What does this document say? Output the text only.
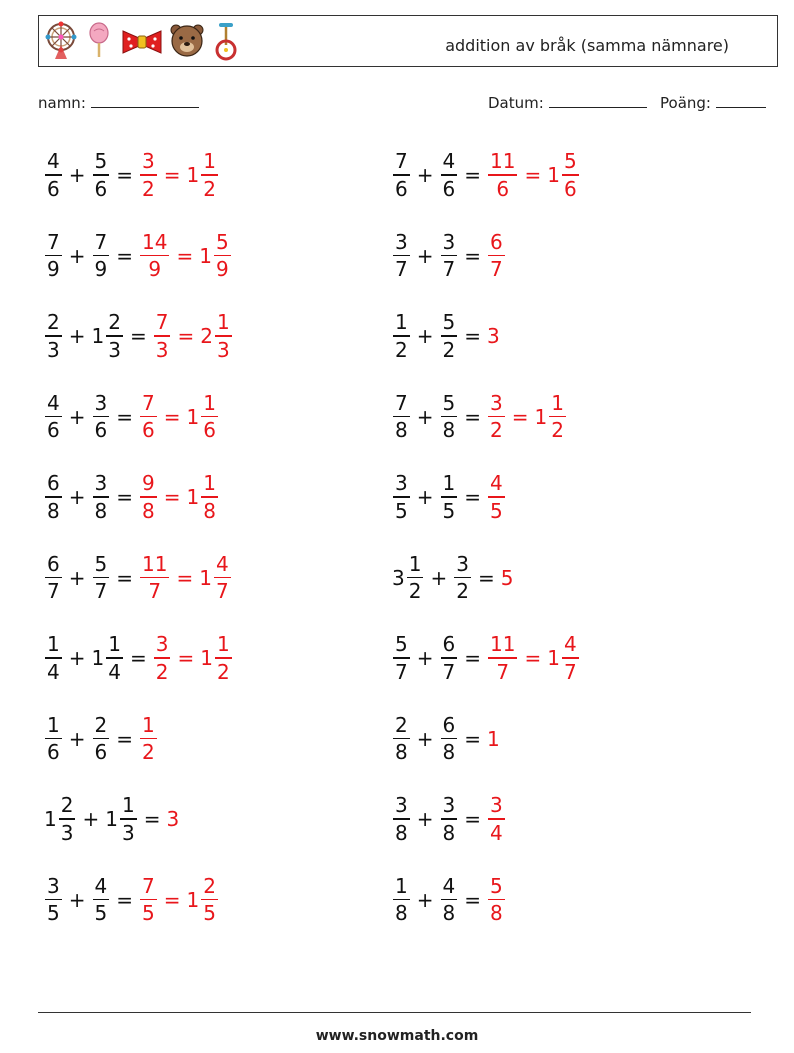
addition av bråk (samma nämnare)
namn:	Datum:	Poäng:
$\frac{4}{6} + \frac{5}{6} = \frac{3}{2} = 1 \frac{1}{2}$	$\frac{7}{6} + \frac{4}{6} = \frac{11}{6} = 1 \frac{5}{6}$
$\frac{7}{9} + \frac{7}{9} = \frac{14}{9} = 1 \frac{5}{9}$	$\frac{3}{7} + \frac{3}{7} = \frac{6}{7}$
$\frac{2}{3} + 1 \frac{2}{3} = \frac{7}{3} = 2 \frac{1}{3}$	$\frac{1}{2} + \frac{5}{2} = 3$
$\frac{4}{6} + \frac{3}{6} = \frac{7}{6} = 1 \frac{1}{6}$	$\frac{7}{8} + \frac{5}{8} = \frac{3}{2} = 1 \frac{1}{2}$
$\frac{6}{8} + \frac{3}{8} = \frac{9}{8} = 1 \frac{1}{8}$	$\frac{3}{5} + \frac{1}{5} = \frac{4}{5}$
$\frac{6}{7} + \frac{5}{7} = \frac{11}{7} = 1 \frac{4}{7}$	$3 \frac{1}{2} + \frac{3}{2} = 5$
$\frac{1}{4} + 1 \frac{1}{4} = \frac{3}{2} = 1 \frac{1}{2}$	$\frac{5}{7} + \frac{6}{7} = \frac{11}{7} = 1 \frac{4}{7}$
$\frac{1}{6} + \frac{2}{6} = \frac{1}{2}$	$\frac{2}{8} + \frac{6}{8} = 1$
$1 \frac{2}{3} + 1 \frac{1}{3} = 3$	$\frac{3}{8} + \frac{3}{8} = \frac{3}{4}$
$\frac{3}{5} + \frac{4}{5} = \frac{7}{5} = 1 \frac{2}{5}$	$\frac{1}{8} + \frac{4}{8} = \frac{5}{8}$
www.snowmath.com
